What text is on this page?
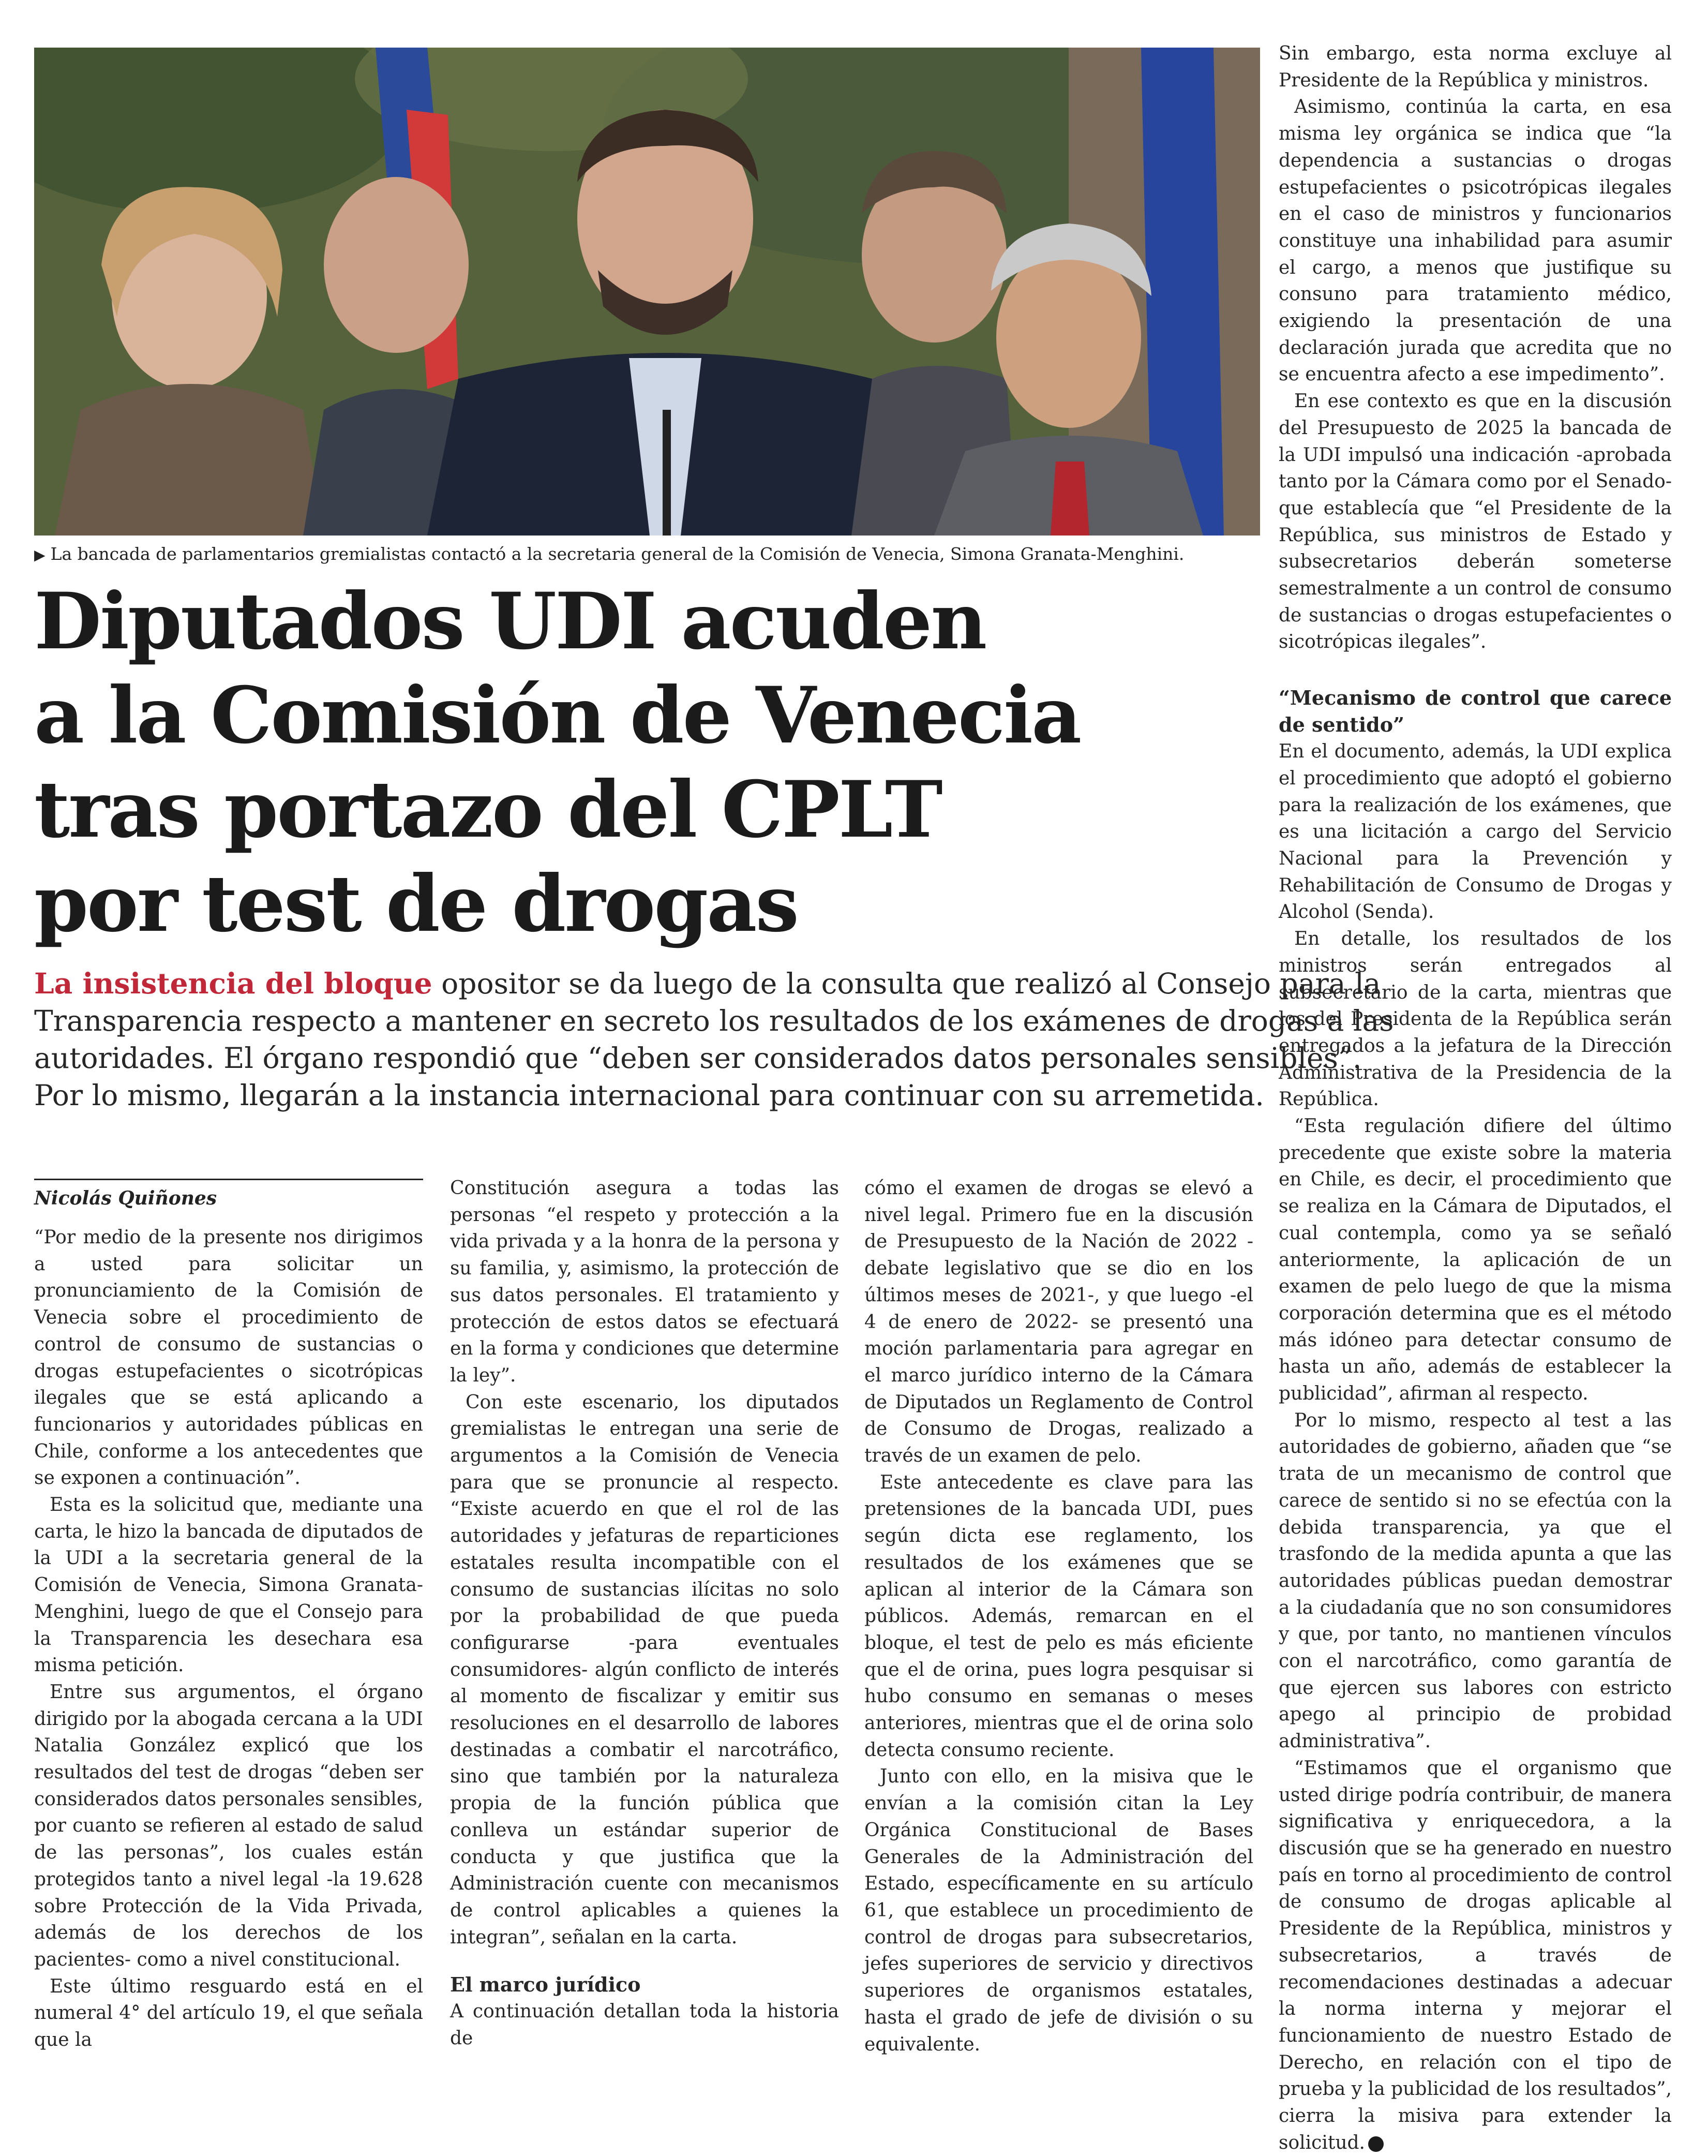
▶ La bancada de parlamentarios gremialistas contactó a la secretaria general de la Comisión de Venecia, Simona Granata-Menghini.
Diputados UDI acuden
a la Comisión de Venecia
tras portazo del CPLT
por test de drogas
La insistencia del bloque opositor se da luego de la consulta que realizó al Consejo para la
Transparencia respecto a mantener en secreto los resultados de los exámenes de drogas a las
autoridades. El órgano respondió que “deben ser considerados datos personales sensibles”.
Por lo mismo, llegarán a la instancia internacional para continuar con su arremetida.
Nicolás Quiñones

“Por medio de la presente nos dirigimos a usted para solicitar un pronunciamiento de la Comisión de Venecia sobre el procedimiento de control de consumo de sustancias o drogas estupefacientes o sicotrópicas ilegales que se está aplicando a funcionarios y autoridades públicas en Chile, conforme a los antecedentes que se exponen a continuación”.

Esta es la solicitud que, mediante una carta, le hizo la bancada de diputados de la UDI a la secretaria general de la Comisión de Venecia, Simona Granata-Menghini, luego de que el Consejo para la Transparencia les desechara esa misma petición.

Entre sus argumentos, el órgano dirigido por la abogada cercana a la UDI Natalia González explicó que los resultados del test de drogas “deben ser considerados datos personales sensibles, por cuanto se refieren al estado de salud de las personas”, los cuales están protegidos tanto a nivel legal -la 19.628 sobre Protección de la Vida Privada, además de los derechos de los pacientes- como a nivel constitucional.

Este último resguardo está en el numeral 4° del artículo 19, el que señala que la

Constitución asegura a todas las personas “el respeto y protección a la vida privada y a la honra de la persona y su familia, y, asimismo, la protección de sus datos personales. El tratamiento y protección de estos datos se efectuará en la forma y condiciones que determine la ley”.

Con este escenario, los diputados gremialistas le entregan una serie de argumentos a la Comisión de Venecia para que se pronuncie al respecto. “Existe acuerdo en que el rol de las autoridades y jefaturas de reparticiones estatales resulta incompatible con el consumo de sustancias ilícitas no solo por la probabilidad de que pueda configurarse -para eventuales consumidores- algún conflicto de interés al momento de fiscalizar y emitir sus resoluciones en el desarrollo de labores destinadas a combatir el narcotráfico, sino que también por la naturaleza propia de la función pública que conlleva un estándar superior de conducta y que justifica que la Administración cuente con mecanismos de control aplicables a quienes la integran”, señalan en la carta.

El marco jurídico

A continuación detallan toda la historia de

cómo el examen de drogas se elevó a nivel legal. Primero fue en la discusión de Presupuesto de la Nación de 2022 -debate legislativo que se dio en los últimos meses de 2021-, y que luego -el 4 de enero de 2022- se presentó una moción parlamentaria para agregar en el marco jurídico interno de la Cámara de Diputados un Reglamento de Control de Consumo de Drogas, realizado a través de un examen de pelo.

Este antecedente es clave para las pretensiones de la bancada UDI, pues según dicta ese reglamento, los resultados de los exámenes que se aplican al interior de la Cámara son públicos. Además, remarcan en el bloque, el test de pelo es más eficiente que el de orina, pues logra pesquisar si hubo consumo en semanas o meses anteriores, mientras que el de orina solo detecta consumo reciente.

Junto con ello, en la misiva que le envían a la comisión citan la Ley Orgánica Constitucional de Bases Generales de la Administración del Estado, específicamente en su artículo 61, que establece un procedimiento de control de drogas para subsecretarios, jefes superiores de servicio y directivos superiores de organismos estatales, hasta el grado de jefe de división o su equivalente.

Sin embargo, esta norma excluye al Presidente de la República y ministros.

Asimismo, continúa la carta, en esa misma ley orgánica se indica que “la dependencia a sustancias o drogas estupefacientes o psicotrópicas ilegales en el caso de ministros y funcionarios constituye una inhabilidad para asumir el cargo, a menos que justifique su consuno para tratamiento médico, exigiendo la presentación de una declaración jurada que acredita que no se encuentra afecto a ese impedimento”.

En ese contexto es que en la discusión del Presupuesto de 2025 la bancada de la UDI impulsó una indicación -aprobada tanto por la Cámara como por el Senado- que establecía que “el Presidente de la República, sus ministros de Estado y subsecretarios deberán someterse semestralmente a un control de consumo de sustancias o drogas estupefacientes o sicotrópicas ilegales”.

“Mecanismo de control que carece de sentido”

En el documento, además, la UDI explica el procedimiento que adoptó el gobierno para la realización de los exámenes, que es una licitación a cargo del Servicio Nacional para la Prevención y Rehabilitación de Consumo de Drogas y Alcohol (Senda).

En detalle, los resultados de los ministros serán entregados al subsecretario de la carta, mientras que los del Presidenta de la República serán entregados a la jefatura de la Dirección Administrativa de la Presidencia de la República.

“Esta regulación difiere del último precedente que existe sobre la materia en Chile, es decir, el procedimiento que se realiza en la Cámara de Diputados, el cual contempla, como ya se señaló anteriormente, la aplicación de un examen de pelo luego de que la misma corporación determina que es el método más idóneo para detectar consumo de hasta un año, además de establecer la publicidad”, afirman al respecto.

Por lo mismo, respecto al test a las autoridades de gobierno, añaden que “se trata de un mecanismo de control que carece de sentido si no se efectúa con la debida transparencia, ya que el trasfondo de la medida apunta a que las autoridades públicas puedan demostrar a la ciudadanía que no son consumidores y que, por tanto, no mantienen vínculos con el narcotráfico, como garantía de que ejercen sus labores con estricto apego al principio de probidad administrativa”.

“Estimamos que el organismo que usted dirige podría contribuir, de manera significativa y enriquecedora, a la discusión que se ha generado en nuestro país en torno al procedimiento de control de consumo de drogas aplicable al Presidente de la República, ministros y subsecretarios, a través de recomendaciones destinadas a adecuar la norma interna y mejorar el funcionamiento de nuestro Estado de Derecho, en relación con el tipo de prueba y la publicidad de los resultados”, cierra la misiva para extender la solicitud.
